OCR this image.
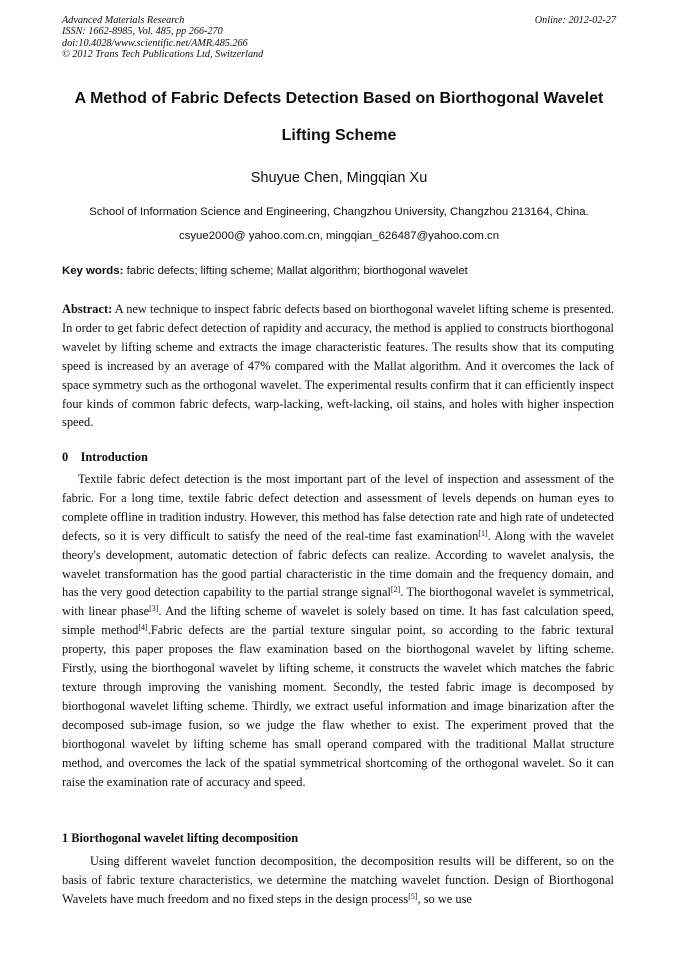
Advanced Materials Research
ISSN: 1662-8985, Vol. 485, pp 266-270
doi:10.4028/www.scientific.net/AMR.485.266
© 2012 Trans Tech Publications Ltd, Switzerland
Online: 2012-02-27
A Method of Fabric Defects Detection Based on Biorthogonal Wavelet
Lifting Scheme
Shuyue Chen, Mingqian Xu
School of Information Science and Engineering, Changzhou University, Changzhou 213164, China.
csyue2000@ yahoo.com.cn, mingqian_626487@yahoo.com.cn
Key words: fabric defects; lifting scheme; Mallat algorithm; biorthogonal wavelet

Abstract: A new technique to inspect fabric defects based on biorthogonal wavelet lifting scheme is presented. In order to get fabric defect detection of rapidity and accuracy, the method is applied to constructs biorthogonal wavelet by lifting scheme and extracts the image characteristic features. The results show that its computing speed is increased by an average of 47% compared with the Mallat algorithm. And it overcomes the lack of space symmetry such as the orthogonal wavelet. The experimental results confirm that it can efficiently inspect four kinds of common fabric defects, warp-lacking, weft-lacking, oil stains, and holes with higher inspection speed.

0 Introduction

Textile fabric defect detection is the most important part of the level of inspection and assessment of the fabric. For a long time, textile fabric defect detection and assessment of levels depends on human eyes to complete offline in tradition industry. However, this method has false detection rate and high rate of undetected defects, so it is very difficult to satisfy the need of the real-time fast examination[1]. Along with the wavelet theory's development, automatic detection of fabric defects can realize. According to wavelet analysis, the wavelet transformation has the good partial characteristic in the time domain and the frequency domain, and has the very good detection capability to the partial strange signal[2]. The biorthogonal wavelet is symmetrical, with linear phase[3]. And the lifting scheme of wavelet is solely based on time. It has fast calculation speed, simple method[4].Fabric defects are the partial texture singular point, so according to the fabric textural property, this paper proposes the flaw examination based on the biorthogonal wavelet by lifting scheme. Firstly, using the biorthogonal wavelet by lifting scheme, it constructs the wavelet which matches the fabric texture through improving the vanishing moment. Secondly, the tested fabric image is decomposed by biorthogonal wavelet lifting scheme. Thirdly, we extract useful information and image binarization after the decomposed sub-image fusion, so we judge the flaw whether to exist. The experiment proved that the biorthogonal wavelet by lifting scheme has small operand compared with the traditional Mallat structure method, and overcomes the lack of the spatial symmetrical shortcoming of the orthogonal wavelet. So it can raise the examination rate of accuracy and speed.

1 Biorthogonal wavelet lifting decomposition

Using different wavelet function decomposition, the decomposition results will be different, so on the basis of fabric texture characteristics, we determine the matching wavelet function. Design of Biorthogonal Wavelets have much freedom and no fixed steps in the design process[5], so we use
